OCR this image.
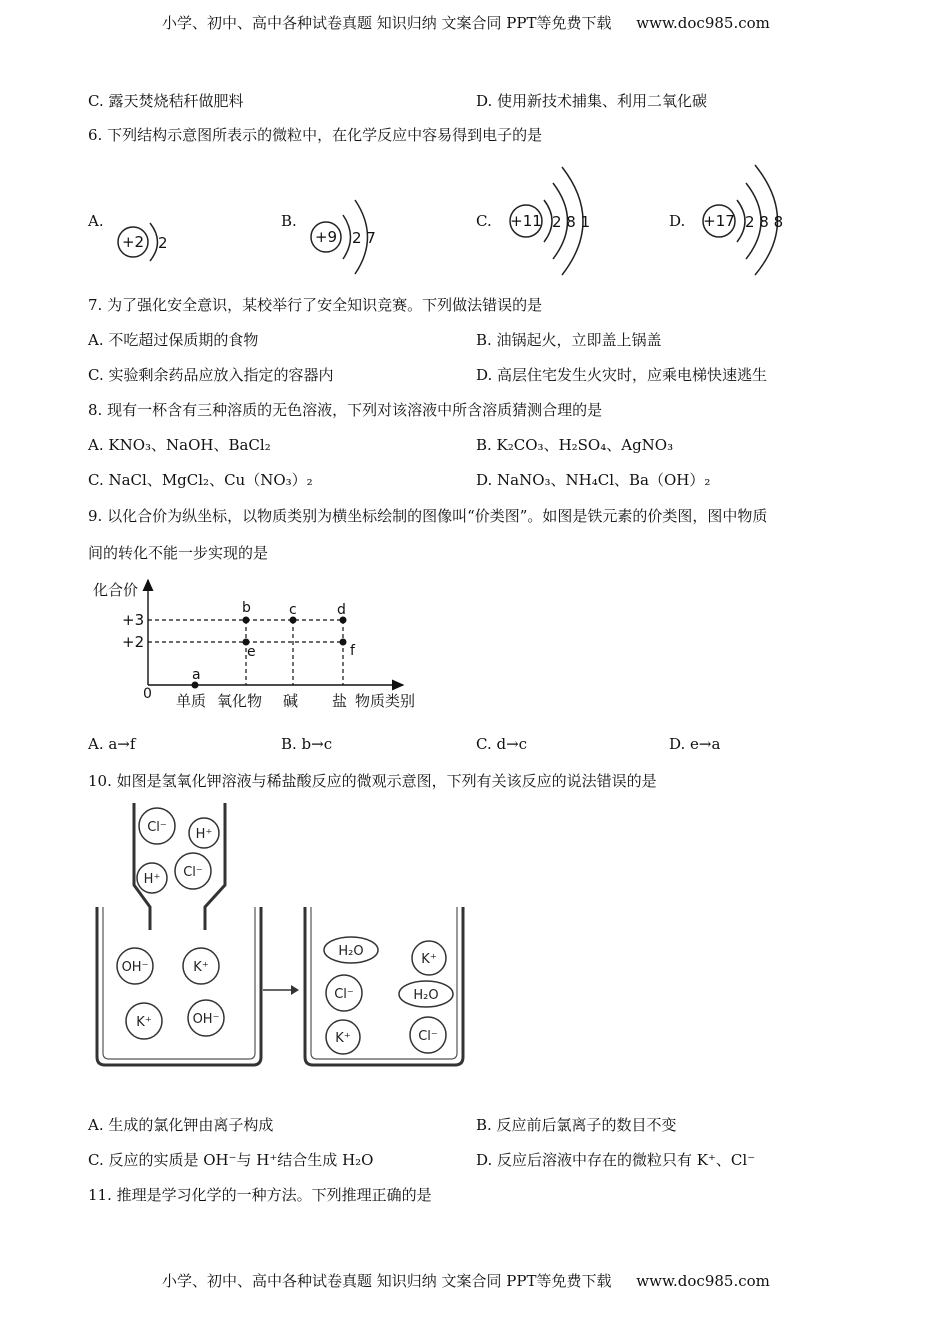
小学、初中、高中各种试卷真题 知识归纳 文案合同 PPT等免费下载 www.doc985.com
C. 露天焚烧秸秆做肥料	D. 使用新技术捕集、利用二氧化碳
6. 下列结构示意图所表示的微粒中，在化学反应中容易得到电子的是
A.	B.	C.	D.
+2 2	+9 2 7
+11 2 8 1	+17 2 8 8
7. 为了强化安全意识，某校举行了安全知识竞赛。下列做法错误的是
A. 不吃超过保质期的食物	B. 油锅起火，立即盖上锅盖
C. 实验剩余药品应放入指定的容器内	D. 高层住宅发生火灾时，应乘电梯快速逃生
8. 现有一杯含有三种溶质的无色溶液，下列对该溶液中所含溶质猜测合理的是
A. KNO₃、NaOH、BaCl₂	B. K₂CO₃、H₂SO₄、AgNO₃
C. NaCl、MgCl₂、Cu（NO₃）₂	D. NaNO₃、NH₄Cl、Ba（OH）₂
9. 以化合价为纵坐标，以物质类别为横坐标绘制的图像叫“价类图”。如图是铁元素的价类图，图中物质
间的转化不能一步实现的是
化合价
+3
+2
0
a
b	c	d
e	f
单质 氧化物 碱 盐 物质类别
A. a→f	B. b→c	C. d→c	D. e→a
10. 如图是氢氧化钾溶液与稀盐酸反应的微观示意图，下列有关该反应的说法错误的是
Cl⁻ H⁺
H⁺ Cl⁻
OH⁻	K⁺
K⁺	OH⁻
H₂O
K⁺
Cl⁻	H₂O
K⁺	Cl⁻
A. 生成的氯化钾由离子构成	B. 反应前后氯离子的数目不变
C. 反应的实质是 OH⁻与 H⁺结合生成 H₂O	D. 反应后溶液中存在的微粒只有 K⁺、Cl⁻
11. 推理是学习化学的一种方法。下列推理正确的是
小学、初中、高中各种试卷真题 知识归纳 文案合同 PPT等免费下载 www.doc985.com
